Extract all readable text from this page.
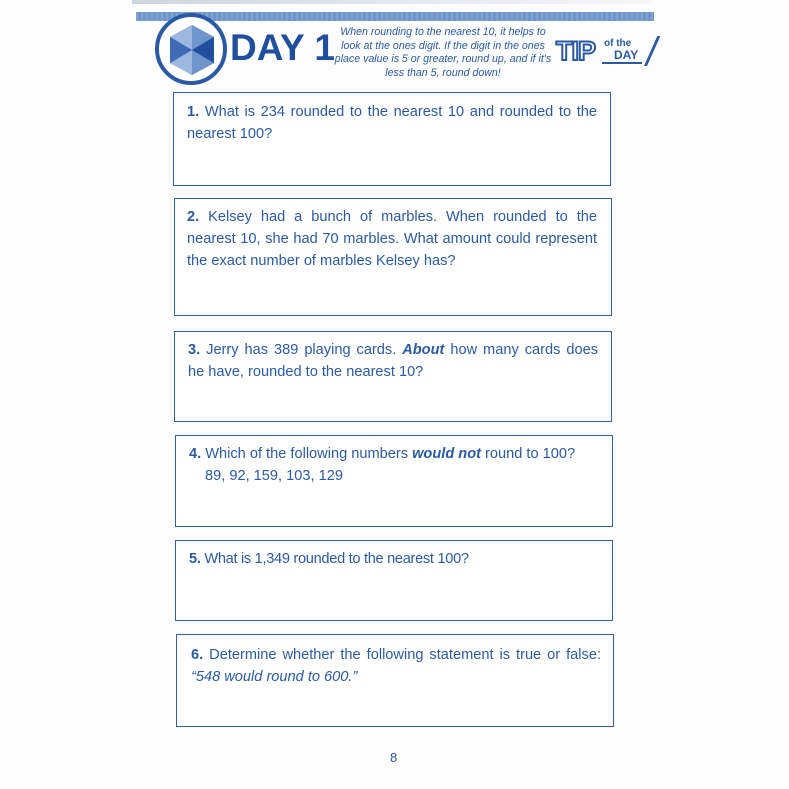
DAY 1 When rounding to the nearest 10, it helps to look at the ones digit. If the digit in the ones place value is 5 or greater, round up, and if it's less than 5, round down!
TIP of the
DAY
1. What is 234 rounded to the nearest 10 and rounded to the nearest 100?
2. Kelsey had a bunch of marbles. When rounded to the nearest 10, she had 70 marbles. What amount could represent the exact number of marbles Kelsey has?
3. Jerry has 389 playing cards. About how many cards does he have, rounded to the nearest 10?
4. Which of the following numbers would not round to 100?
89, 92, 159, 103, 129
5. What is 1,349 rounded to the nearest 100?
6. Determine whether the following statement is true or false: “548 would round to 600.”
8
